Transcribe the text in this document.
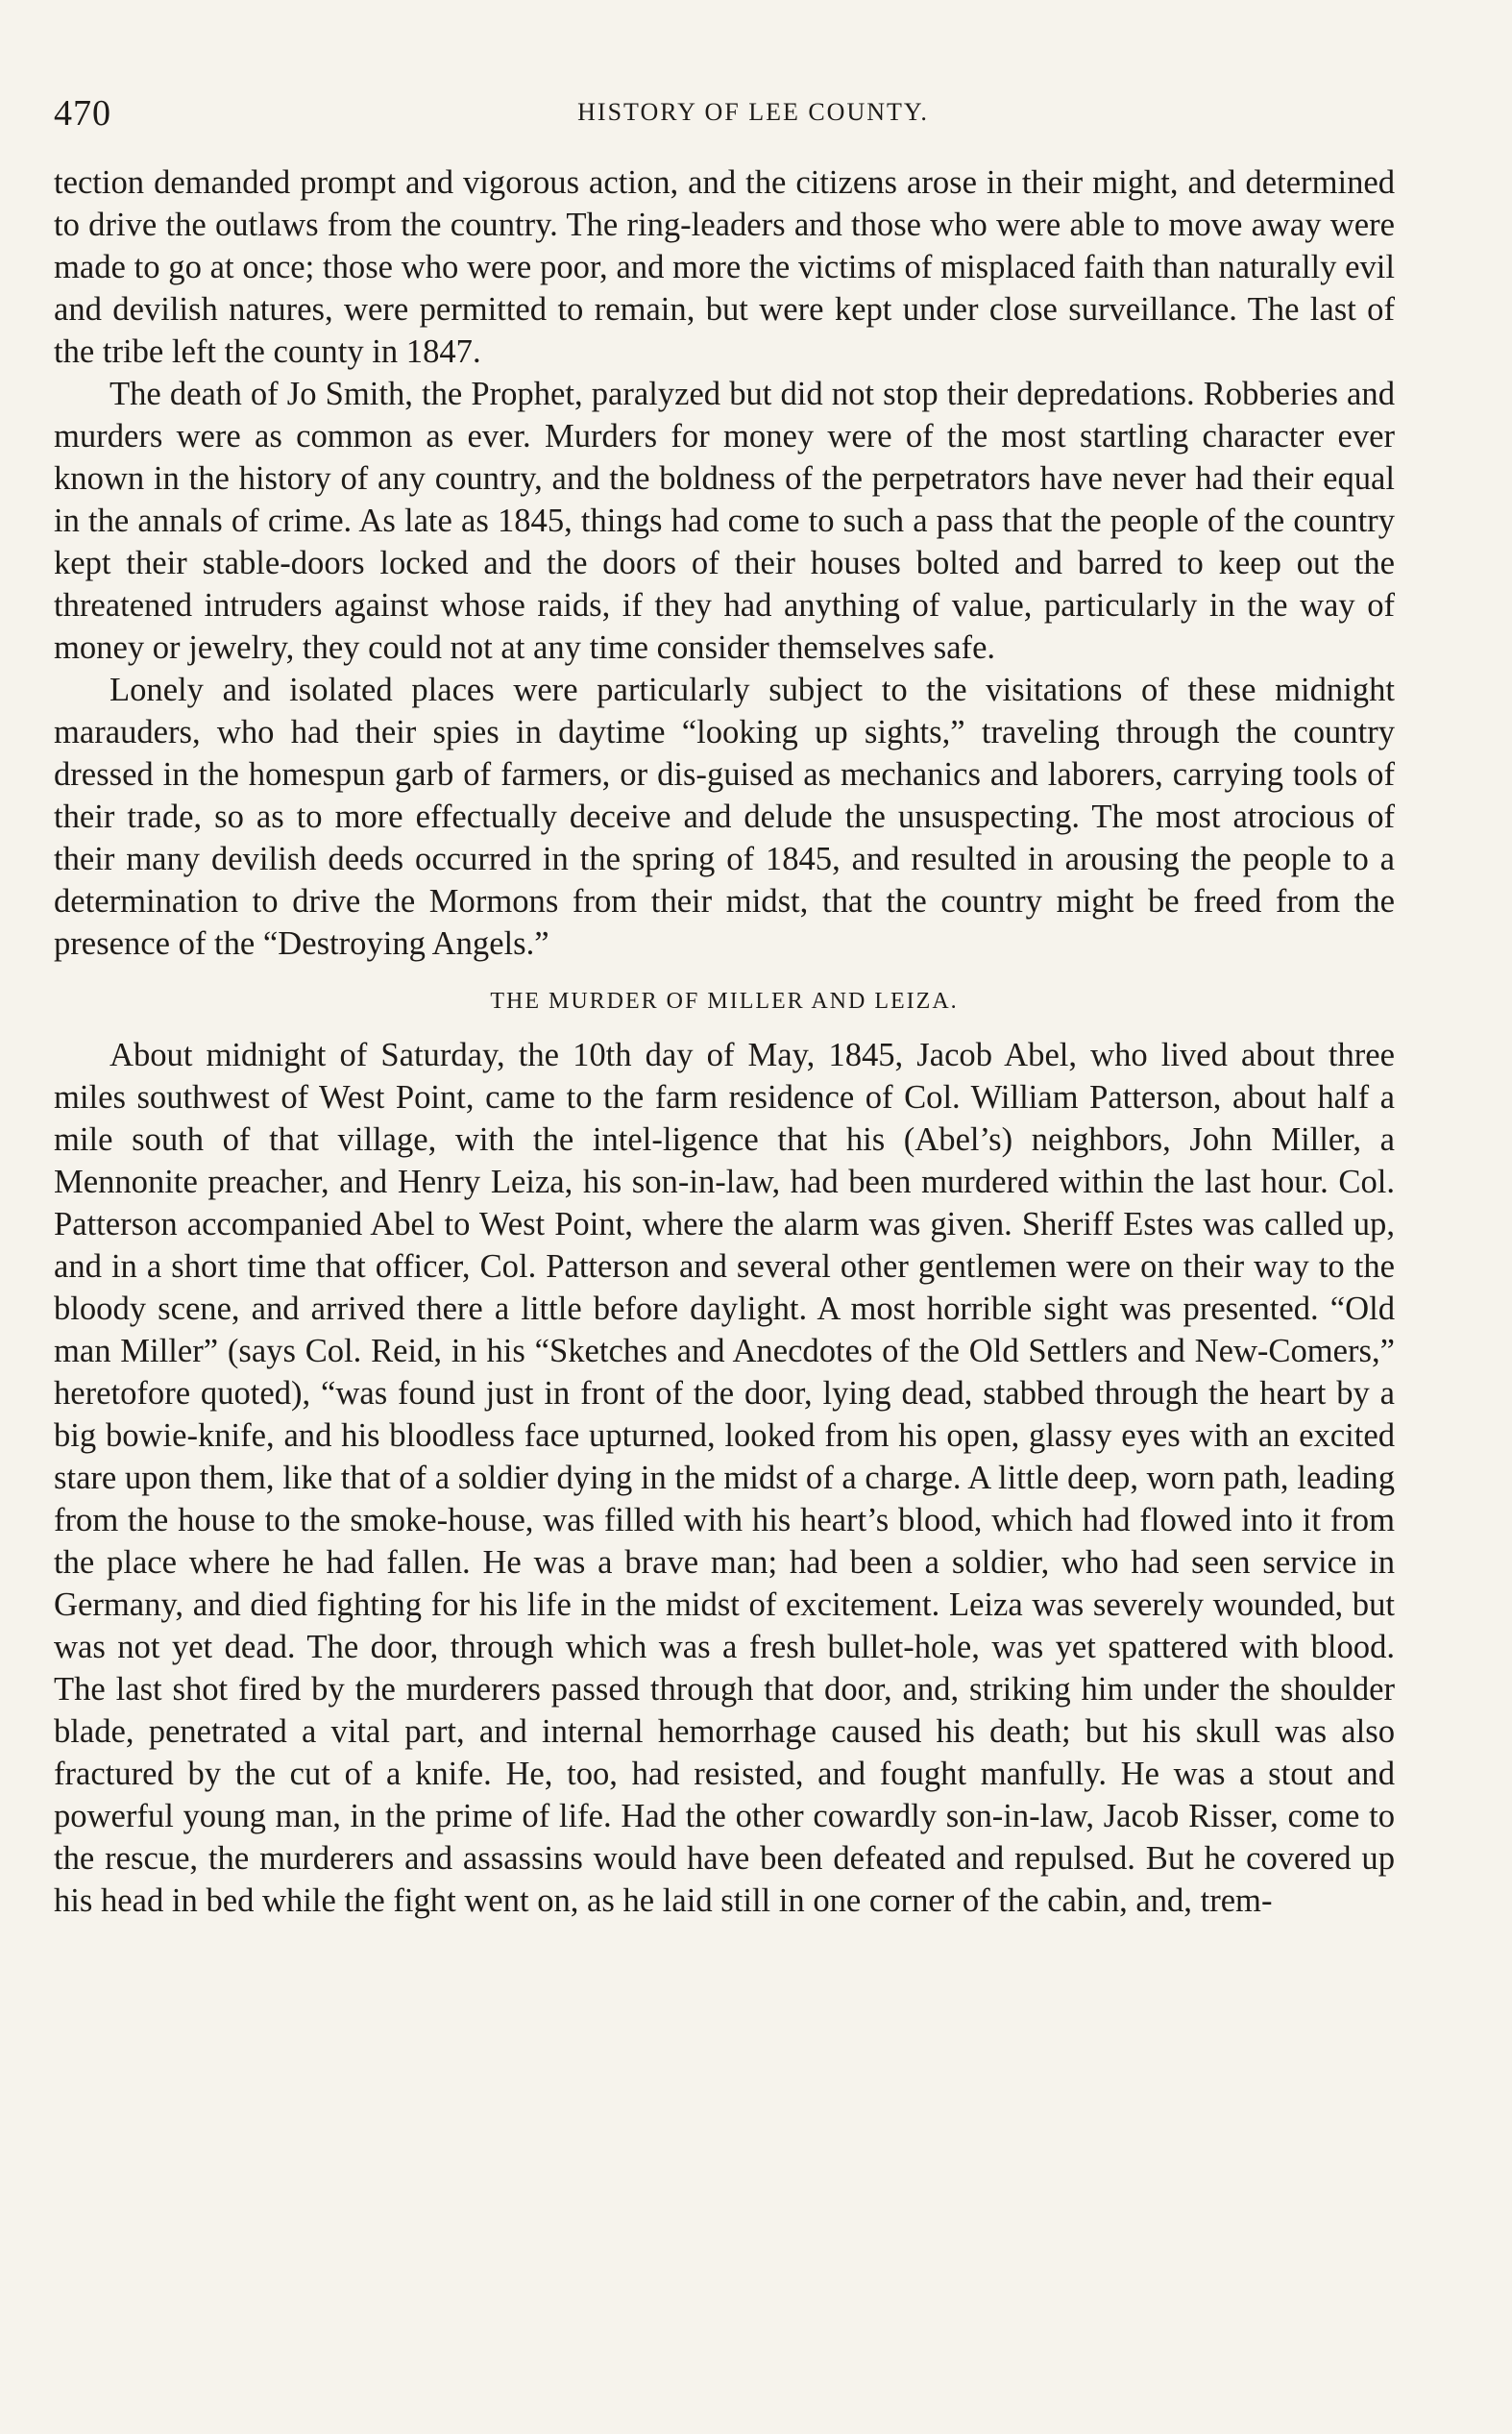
470	HISTORY OF LEE COUNTY.

tection demanded prompt and vigorous action, and the citizens arose in their might, and determined to drive the outlaws from the country. The ring-leaders and those who were able to move away were made to go at once; those who were poor, and more the victims of misplaced faith than naturally evil and devilish natures, were permitted to remain, but were kept under close surveillance. The last of the tribe left the county in 1847.

The death of Jo Smith, the Prophet, paralyzed but did not stop their depredations. Robberies and murders were as common as ever. Murders for money were of the most startling character ever known in the history of any country, and the boldness of the perpetrators have never had their equal in the annals of crime. As late as 1845, things had come to such a pass that the people of the country kept their stable-doors locked and the doors of their houses bolted and barred to keep out the threatened intruders against whose raids, if they had anything of value, particularly in the way of money or jewelry, they could not at any time consider themselves safe.

Lonely and isolated places were particularly subject to the visitations of these midnight marauders, who had their spies in daytime “looking up sights,” traveling through the country dressed in the homespun garb of farmers, or dis-guised as mechanics and laborers, carrying tools of their trade, so as to more effectually deceive and delude the unsuspecting. The most atrocious of their many devilish deeds occurred in the spring of 1845, and resulted in arousing the people to a determination to drive the Mormons from their midst, that the country might be freed from the presence of the “Destroying Angels.”

THE MURDER OF MILLER AND LEIZA.

About midnight of Saturday, the 10th day of May, 1845, Jacob Abel, who lived about three miles southwest of West Point, came to the farm residence of Col. William Patterson, about half a mile south of that village, with the intel-ligence that his (Abel’s) neighbors, John Miller, a Mennonite preacher, and Henry Leiza, his son-in-law, had been murdered within the last hour. Col. Patterson accompanied Abel to West Point, where the alarm was given. Sheriff Estes was called up, and in a short time that officer, Col. Patterson and several other gentlemen were on their way to the bloody scene, and arrived there a little before daylight. A most horrible sight was presented. “Old man Miller” (says Col. Reid, in his “Sketches and Anecdotes of the Old Settlers and New-Comers,” heretofore quoted), “was found just in front of the door, lying dead, stabbed through the heart by a big bowie-knife, and his bloodless face upturned, looked from his open, glassy eyes with an excited stare upon them, like that of a soldier dying in the midst of a charge. A little deep, worn path, leading from the house to the smoke-house, was filled with his heart’s blood, which had flowed into it from the place where he had fallen. He was a brave man; had been a soldier, who had seen service in Germany, and died fighting for his life in the midst of excitement. Leiza was severely wounded, but was not yet dead. The door, through which was a fresh bullet-hole, was yet spattered with blood. The last shot fired by the murderers passed through that door, and, striking him under the shoulder blade, penetrated a vital part, and internal hemorrhage caused his death; but his skull was also fractured by the cut of a knife. He, too, had resisted, and fought manfully. He was a stout and powerful young man, in the prime of life. Had the other cowardly son-in-law, Jacob Risser, come to the rescue, the murderers and assassins would have been defeated and repulsed. But he covered up his head in bed while the fight went on, as he laid still in one corner of the cabin, and, trem-
